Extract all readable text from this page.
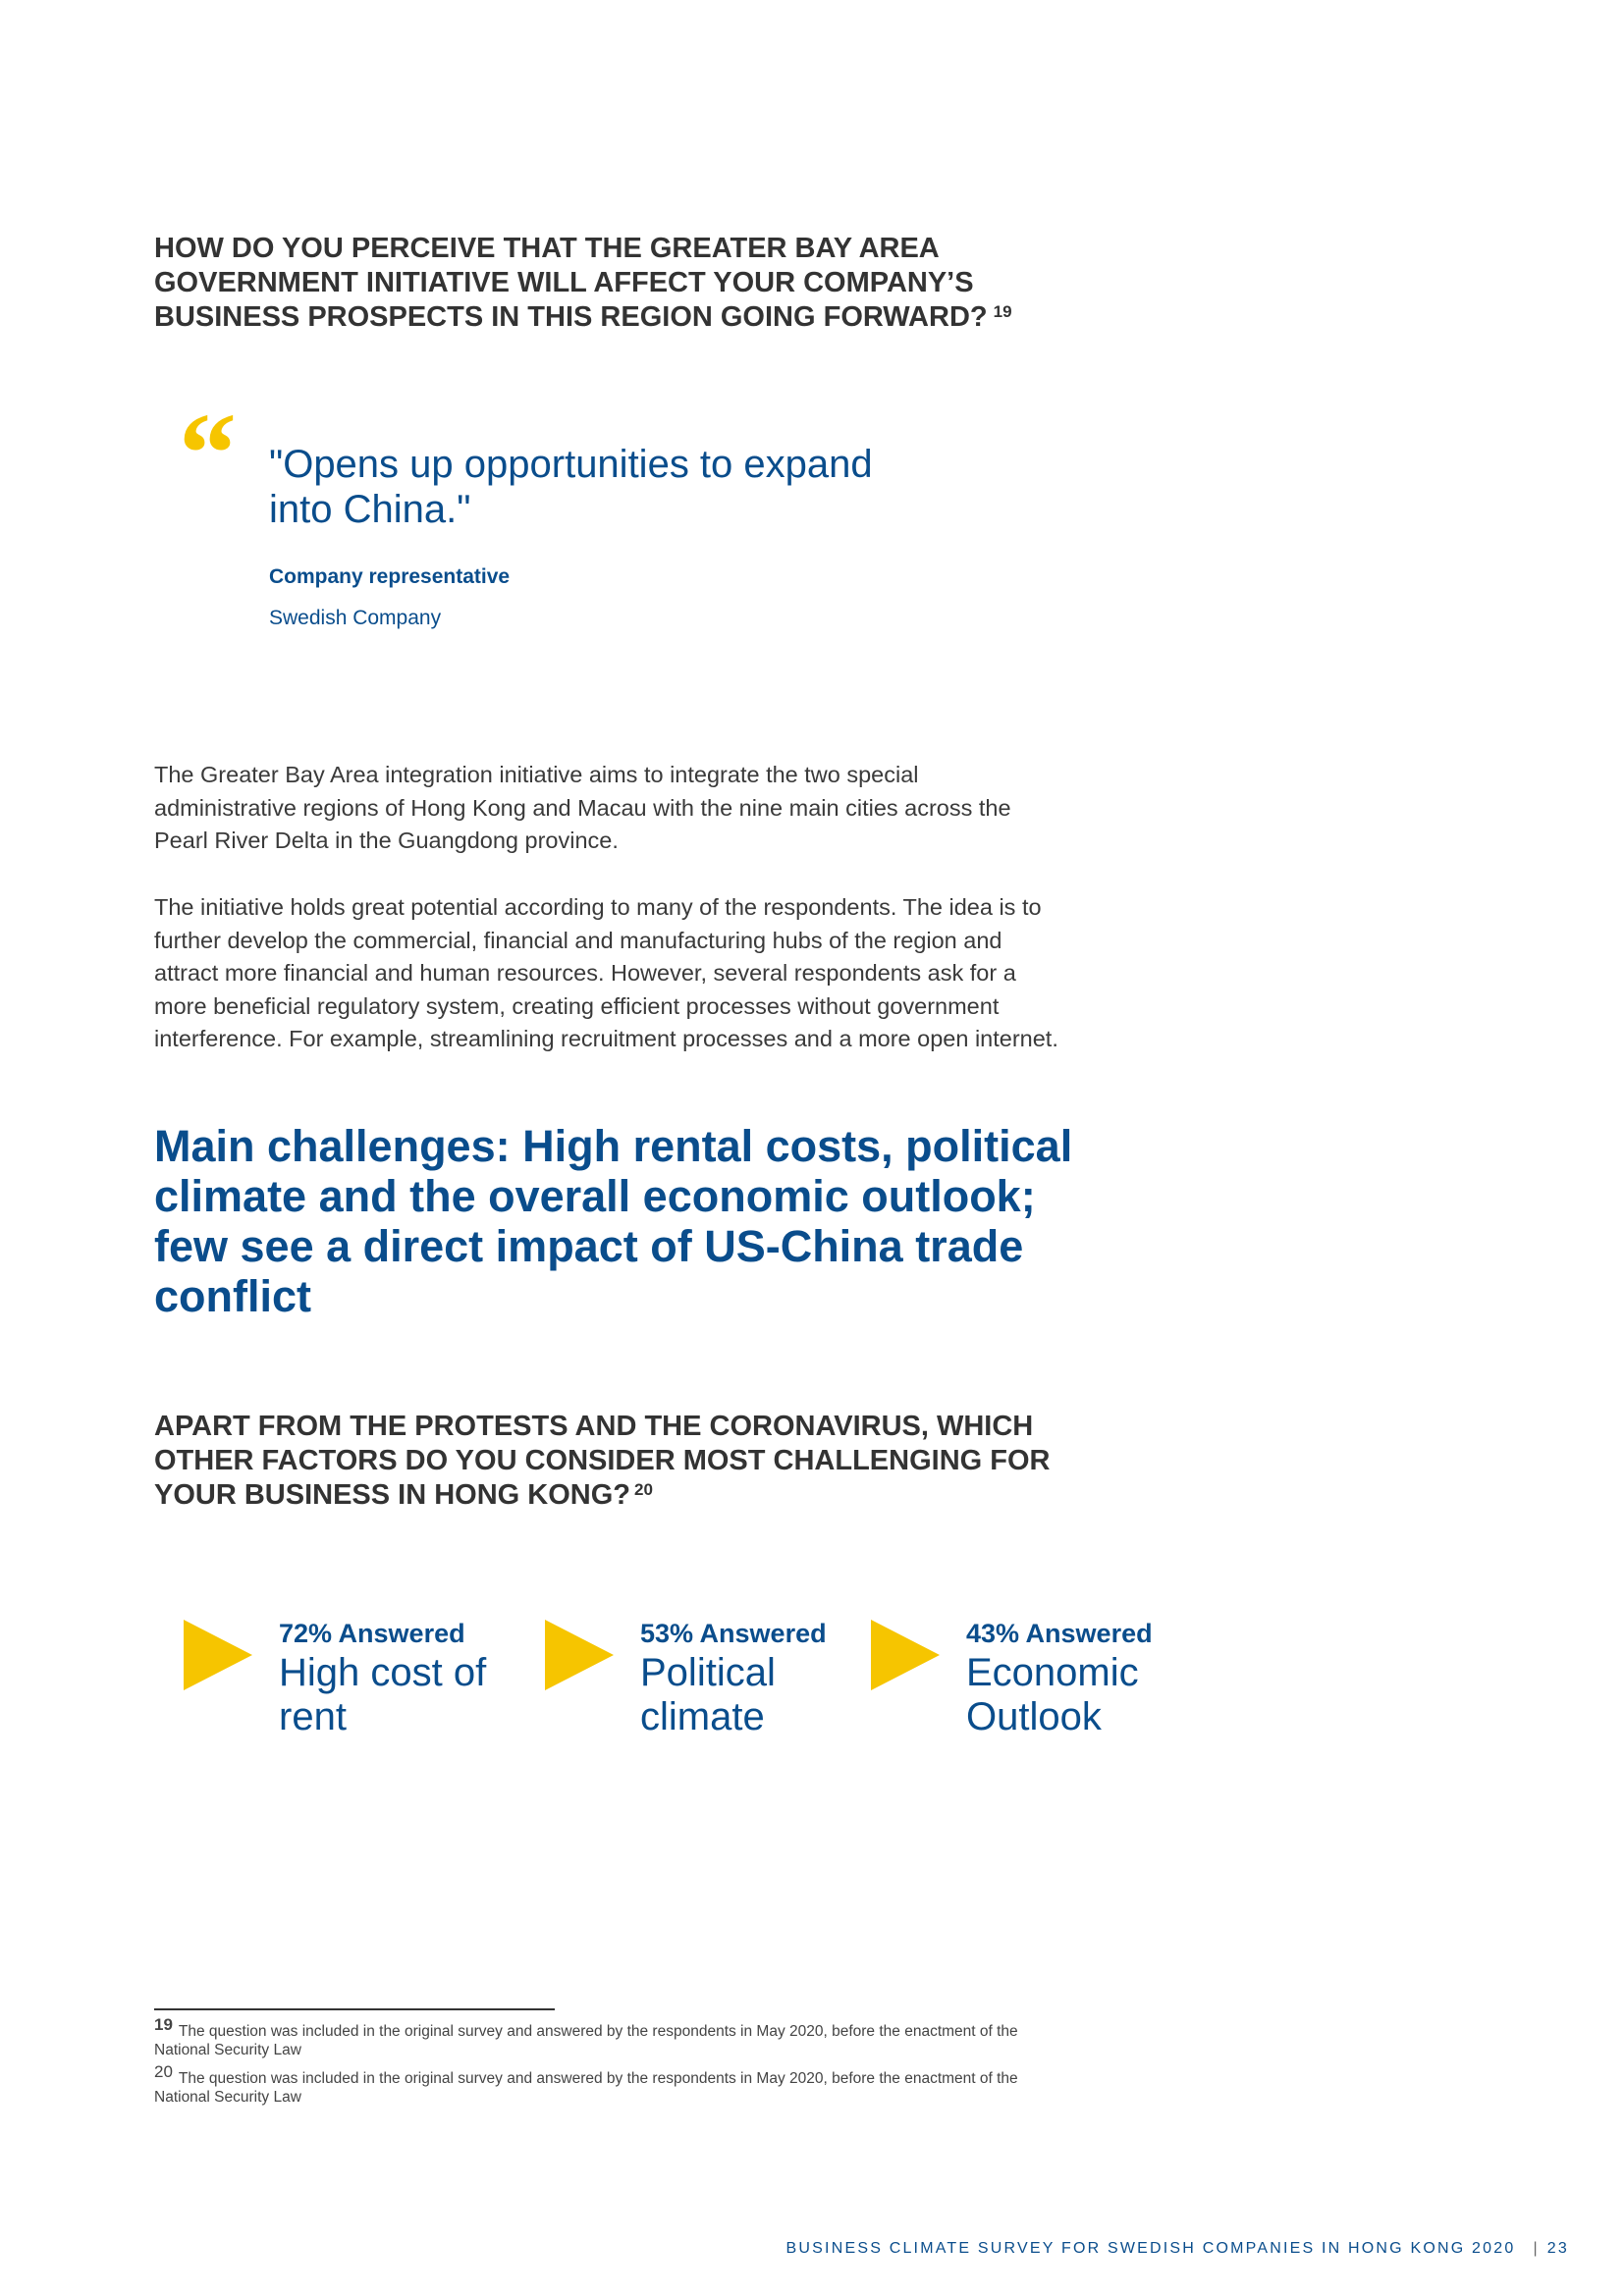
HOW DO YOU PERCEIVE THAT THE GREATER BAY AREA
GOVERNMENT INITIATIVE WILL AFFECT YOUR COMPANY’S
BUSINESS PROSPECTS IN THIS REGION GOING FORWARD? $^{19}$
“ "Opens up opportunities to expand
into China."
Company representative
Swedish Company
The Greater Bay Area integration initiative aims to integrate the two special
administrative regions of Hong Kong and Macau with the nine main cities across the
Pearl River Delta in the Guangdong province.
The initiative holds great potential according to many of the respondents. The idea is to
further develop the commercial, financial and manufacturing hubs of the region and
attract more financial and human resources. However, several respondents ask for a
more beneficial regulatory system, creating efficient processes without government
interference. For example, streamlining recruitment processes and a more open internet.
Main challenges: High rental costs, political
climate and the overall economic outlook;
few see a direct impact of US-China trade
conflict
APART FROM THE PROTESTS AND THE CORONAVIRUS, WHICH
OTHER FACTORS DO YOU CONSIDER MOST CHALLENGING FOR
YOUR BUSINESS IN HONG KONG? $^{20}$
72% Answered
High cost of
rent
53% Answered
Political
climate
43% Answered
Economic
Outlook
19 The question was included in the original survey and answered by the respondents in May 2020, before the enactment of the
National Security Law
20 The question was included in the original survey and answered by the respondents in May 2020, before the enactment of the
National Security Law
BUSINESS CLIMATE SURVEY FOR SWEDISH COMPANIES IN HONG KONG 2020 | 23
